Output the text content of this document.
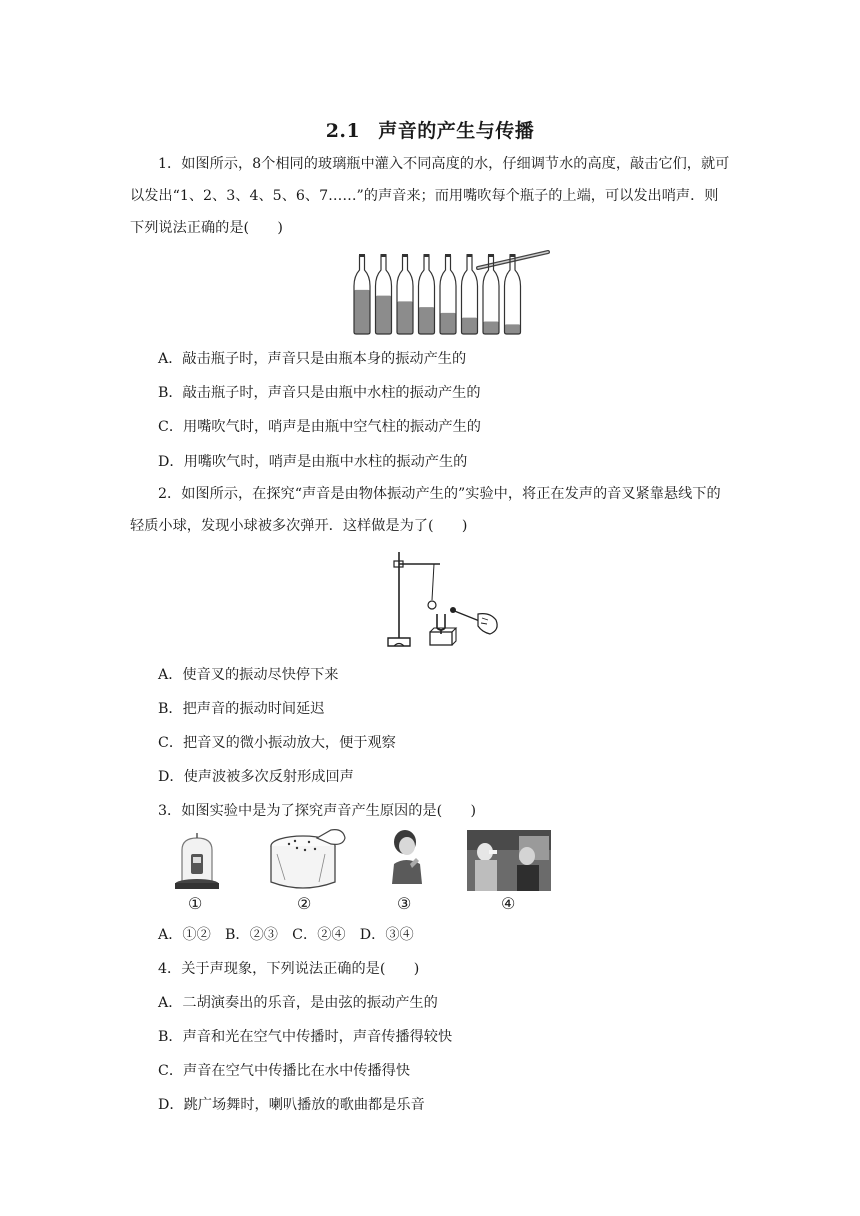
2.1 声音的产生与传播
1．如图所示，8个相同的玻璃瓶中灌入不同高度的水，仔细调节水的高度，敲击它们，就可以发出“1、2、3、4、5、6、7……”的声音来；而用嘴吹每个瓶子的上端，可以发出哨声．则下列说法正确的是(　　)
A．敲击瓶子时，声音只是由瓶本身的振动产生的
B．敲击瓶子时，声音只是由瓶中水柱的振动产生的
C．用嘴吹气时，哨声是由瓶中空气柱的振动产生的
D．用嘴吹气时，哨声是由瓶中水柱的振动产生的
2．如图所示，在探究“声音是由物体振动产生的”实验中，将正在发声的音叉紧靠悬线下的轻质小球，发现小球被多次弹开．这样做是为了(　　)
A．使音叉的振动尽快停下来
B．把声音的振动时间延迟
C．把音叉的微小振动放大，便于观察
D．使声波被多次反射形成回声
3．如图实验中是为了探究声音产生原因的是(　　)
①	②	③	④
A．①②　B．②③　C．②④　D．③④
4．关于声现象，下列说法正确的是(　　)
A．二胡演奏出的乐音，是由弦的振动产生的
B．声音和光在空气中传播时，声音传播得较快
C．声音在空气中传播比在水中传播得快
D．跳广场舞时，喇叭播放的歌曲都是乐音
